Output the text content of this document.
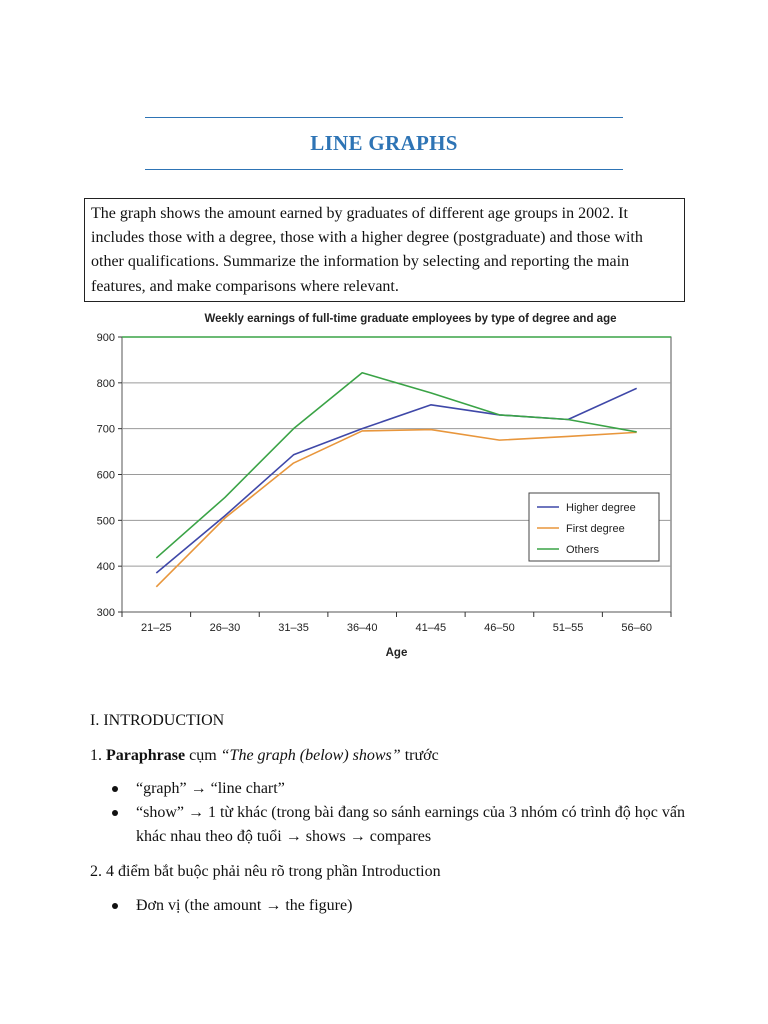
LINE GRAPHS
The graph shows the amount earned by graduates of different age groups in 2002. It includes those with a degree, those with a higher degree (postgraduate) and those with other qualifications. Summarize the information by selecting and reporting the main features, and make comparisons where relevant.
Weekly earnings of full-time graduate employees by type of degree and age
300
400
500
600
700
800
900
21–25	26–30	31–35	36–40	41–45	46–50	51–55	56–60
Age
Higher degree
First degree
Others
I. INTRODUCTION
1. Paraphrase cụm “The graph (below) shows” trước
“graph” → “line chart”
“show” → 1 từ khác (trong bài đang so sánh earnings của 3 nhóm có trình độ học vấn khác nhau theo độ tuổi → shows → compares
2. 4 điểm bắt buộc phải nêu rõ trong phần Introduction
Đơn vị (the amount → the figure)
